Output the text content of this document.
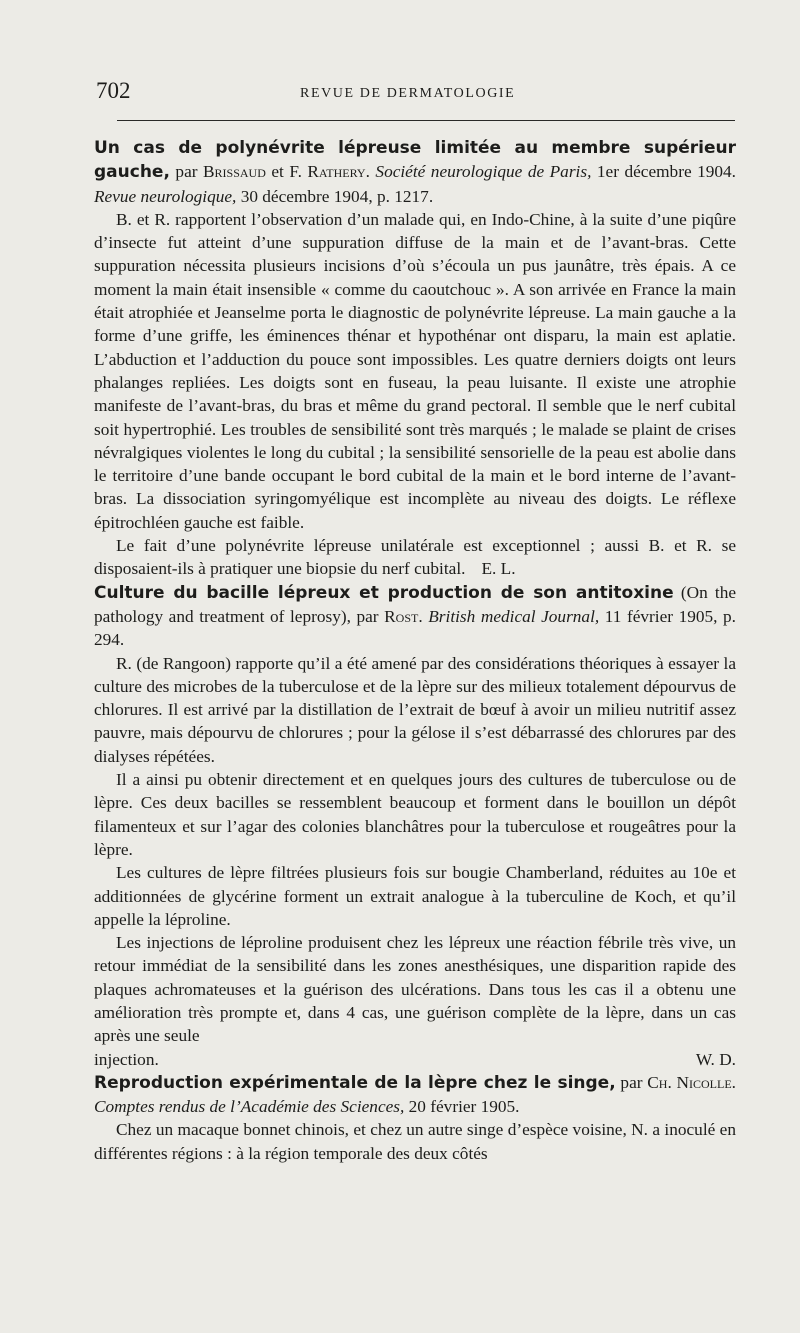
702	REVUE DE DERMATOLOGIE

Un cas de polynévrite lépreuse limitée au membre supérieur gauche, par Brissaud et F. Rathery. Société neurologique de Paris, 1er décembre 1904. Revue neurologique, 30 décembre 1904, p. 1217.

B. et R. rapportent l’observation d’un malade qui, en Indo-Chine, à la suite d’une piqûre d’insecte fut atteint d’une suppuration diffuse de la main et de l’avant-bras. Cette suppuration nécessita plusieurs incisions d’où s’écoula un pus jaunâtre, très épais. A ce moment la main était insensible « comme du caoutchouc ». A son arrivée en France la main était atrophiée et Jeanselme porta le diagnostic de polynévrite lépreuse. La main gauche a la forme d’une griffe, les éminences thénar et hypothénar ont disparu, la main est aplatie. L’abduction et l’adduction du pouce sont impossibles. Les quatre derniers doigts ont leurs phalanges repliées. Les doigts sont en fuseau, la peau luisante. Il existe une atrophie manifeste de l’avant-bras, du bras et même du grand pectoral. Il semble que le nerf cubital soit hypertrophié. Les troubles de sensibilité sont très marqués ; le malade se plaint de crises névralgiques violentes le long du cubital ; la sensibilité sensorielle de la peau est abolie dans le territoire d’une bande occupant le bord cubital de la main et le bord interne de l’avant-bras. La dissociation syringomyélique est incomplète au niveau des doigts. Le réflexe épitrochléen gauche est faible.

Le fait d’une polynévrite lépreuse unilatérale est exceptionnel ; aussi B. et R. se disposaient-ils à pratiquer une biopsie du nerf cubital. E. L.

Culture du bacille lépreux et production de son antitoxine (On the pathology and treatment of leprosy), par Rost. British medical Journal, 11 février 1905, p. 294.

R. (de Rangoon) rapporte qu’il a été amené par des considérations théoriques à essayer la culture des microbes de la tuberculose et de la lèpre sur des milieux totalement dépourvus de chlorures. Il est arrivé par la distillation de l’extrait de bœuf à avoir un milieu nutritif assez pauvre, mais dépourvu de chlorures ; pour la gélose il s’est débarrassé des chlorures par des dialyses répétées.

Il a ainsi pu obtenir directement et en quelques jours des cultures de tuberculose ou de lèpre. Ces deux bacilles se ressemblent beaucoup et forment dans le bouillon un dépôt filamenteux et sur l’agar des colonies blanchâtres pour la tuberculose et rougeâtres pour la lèpre.

Les cultures de lèpre filtrées plusieurs fois sur bougie Chamberland, réduites au 10e et additionnées de glycérine forment un extrait analogue à la tuberculine de Koch, et qu’il appelle la léproline.

Les injections de léproline produisent chez les lépreux une réaction fébrile très vive, un retour immédiat de la sensibilité dans les zones anesthésiques, une disparition rapide des plaques achromateuses et la guérison des ulcérations. Dans tous les cas il a obtenu une amélioration très prompte et, dans 4 cas, une guérison complète de la lèpre, dans un cas après une seule

injection.	W. D.

Reproduction expérimentale de la lèpre chez le singe, par Ch. Nicolle. Comptes rendus de l’Académie des Sciences, 20 février 1905.

Chez un macaque bonnet chinois, et chez un autre singe d’espèce voisine, N. a inoculé en différentes régions : à la région temporale des deux côtés
